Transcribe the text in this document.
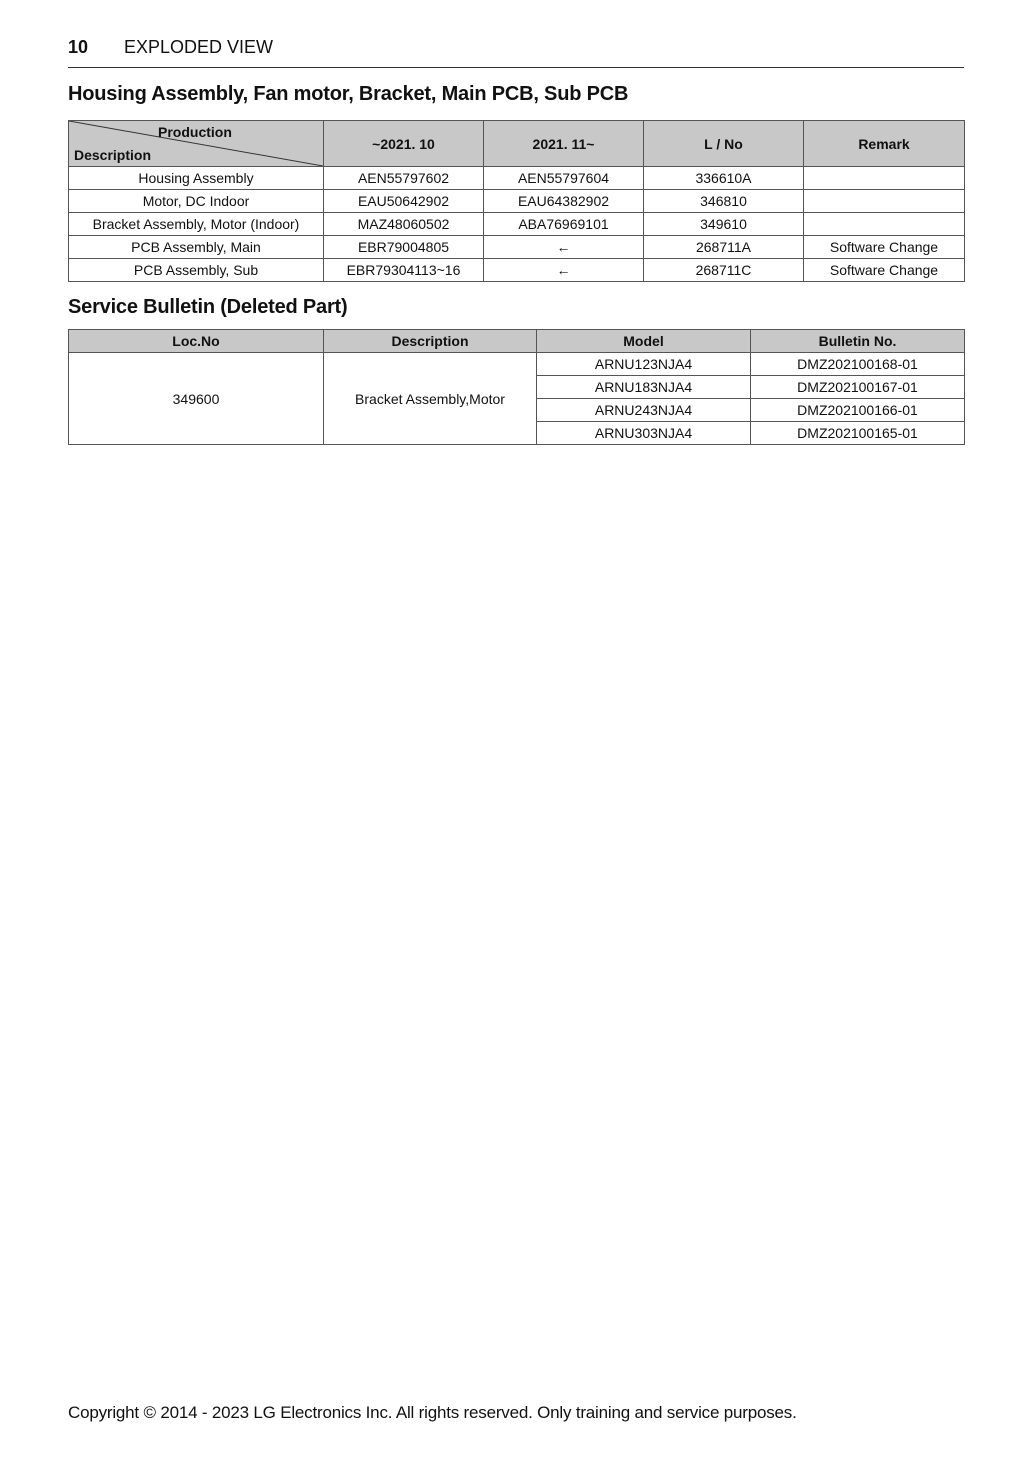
10 EXPLODED VIEW
Housing Assembly, Fan motor, Bracket, Main PCB, Sub PCB
Production
Description	~2021. 10	2021. 11~	L / No	Remark
Housing Assembly	AEN55797602	AEN55797604	336610A	
Motor, DC Indoor	EAU50642902	EAU64382902	346810	
Bracket Assembly, Motor (Indoor)	MAZ48060502	ABA76969101	349610	
PCB Assembly, Main	EBR79004805	←	268711A	Software Change
PCB Assembly, Sub	EBR79304113~16	←	268711C	Software Change
Service Bulletin (Deleted Part)
Loc.No	Description	Model	Bulletin No.
349600	Bracket Assembly,Motor	ARNU123NJA4	DMZ202100168-01
		ARNU183NJA4	DMZ202100167-01
		ARNU243NJA4	DMZ202100166-01
		ARNU303NJA4	DMZ202100165-01
Copyright © 2014 - 2023 LG Electronics Inc. All rights reserved. Only training and service purposes.
